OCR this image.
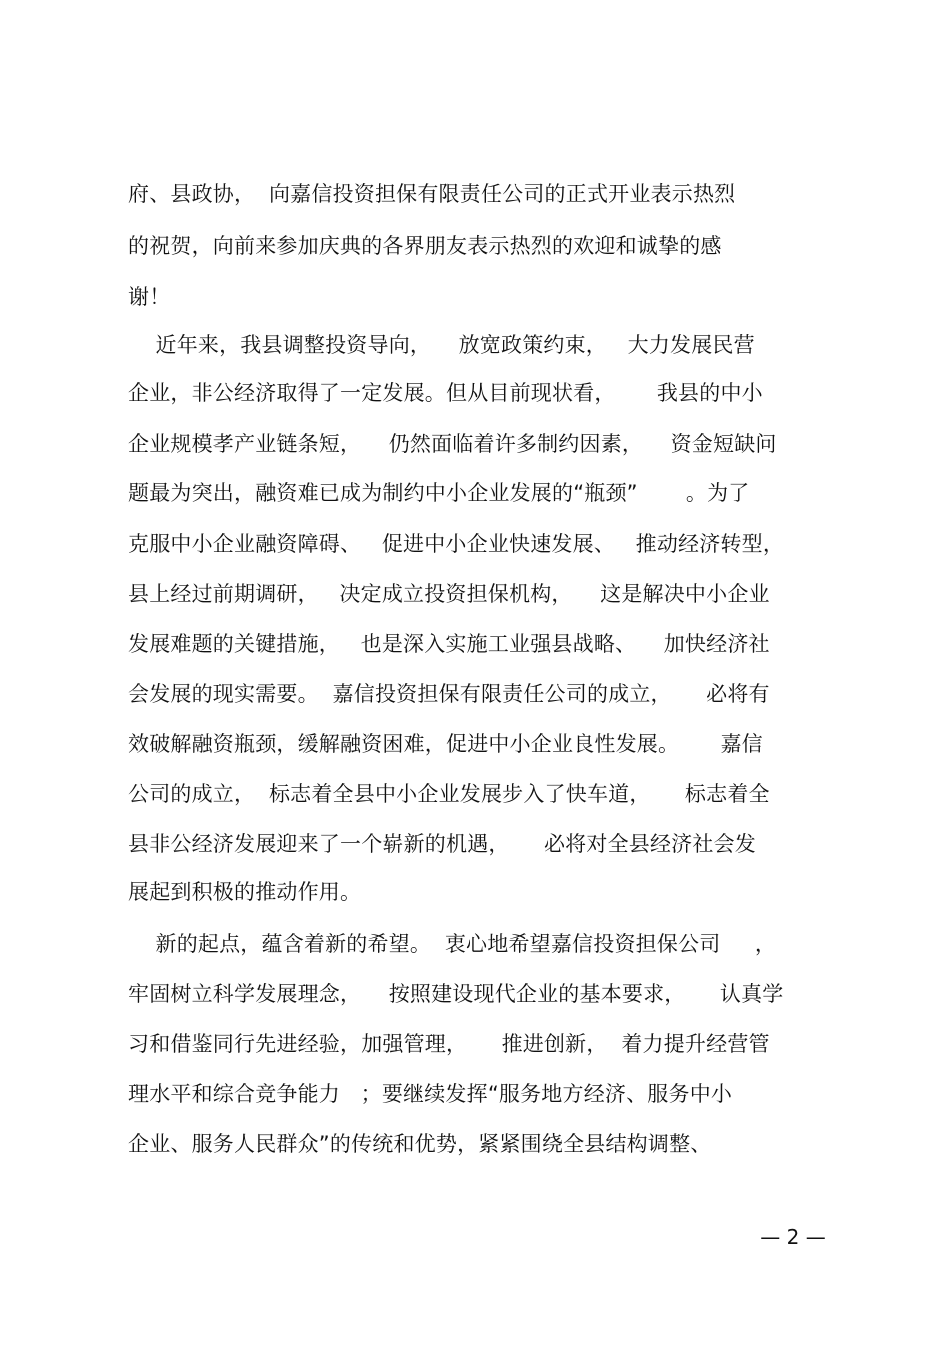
府、县政协，  向嘉信投资担保有限责任公司的正式开业表示热烈
的祝贺，向前来参加庆典的各界朋友表示热烈的欢迎和诚挚的感
谢！
近年来，我县调整投资导向，    放宽政策约束，   大力发展民营
企业，非公经济取得了一定发展。但从目前现状看，      我县的中小
企业规模孝产业链条短，    仍然面临着许多制约因素，    资金短缺问
题最为突出，融资难已成为制约中小企业发展的“瓶颈”       。为了
克服中小企业融资障碍、   促进中小企业快速发展、   推动经济转型，
县上经过前期调研，   决定成立投资担保机构，    这是解决中小企业
发展难题的关键措施，   也是深入实施工业强县战略、    加快经济社
会发展的现实需要。  嘉信投资担保有限责任公司的成立，     必将有
效破解融资瓶颈，缓解融资困难，促进中小企业良性发展。      嘉信
公司的成立，  标志着全县中小企业发展步入了快车道，     标志着全
县非公经济发展迎来了一个崭新的机遇，     必将对全县经济社会发
展起到积极的推动作用。
新的起点，蕴含着新的希望。  衷心地希望嘉信投资担保公司     ，
牢固树立科学发展理念，    按照建设现代企业的基本要求，     认真学
习和借鉴同行先进经验，加强管理，     推进创新，  着力提升经营管
理水平和综合竞争能力   ；要继续发挥“服务地方经济、服务中小
企业、服务人民群众”的传统和优势，紧紧围绕全县结构调整、
— 2 —
